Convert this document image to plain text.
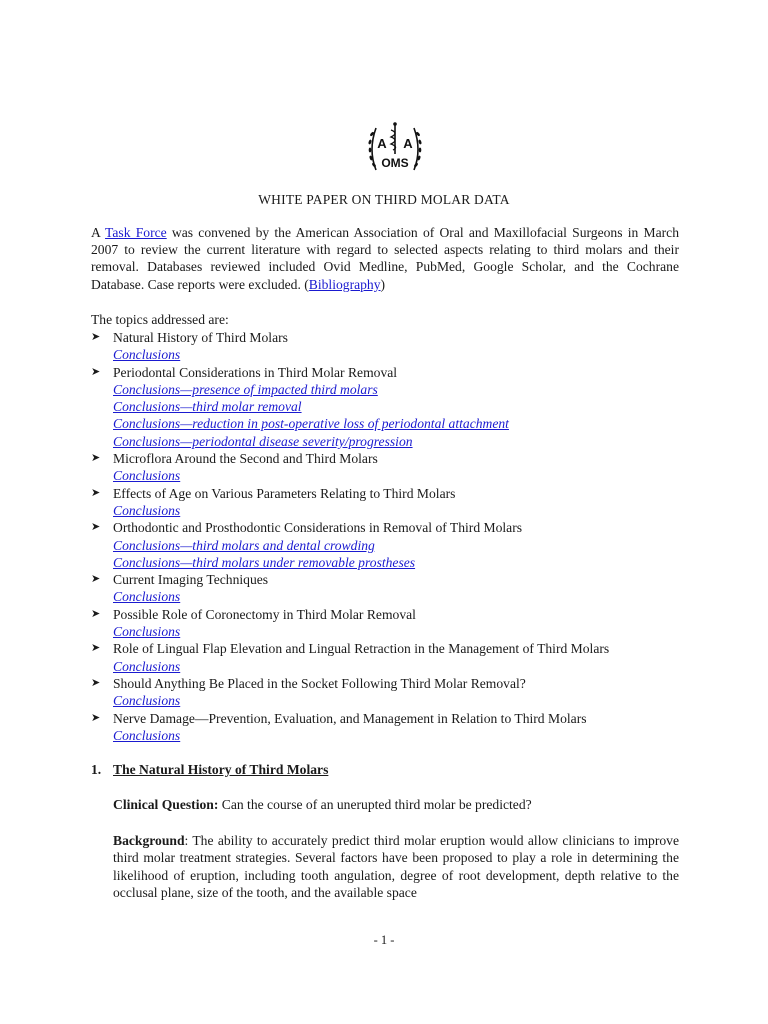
A A
OMS
WHITE PAPER ON THIRD MOLAR DATA
A Task Force was convened by the American Association of Oral and Maxillofacial Surgeons in March 2007 to review the current literature with regard to selected aspects relating to third molars and their removal. Databases reviewed included Ovid Medline, PubMed, Google Scholar, and the Cochrane Database. Case reports were excluded. (Bibliography)
The topics addressed are:
➤ Natural History of Third Molars
Conclusions
➤ Periodontal Considerations in Third Molar Removal
Conclusions—presence of impacted third molars
Conclusions—third molar removal
Conclusions—reduction in post-operative loss of periodontal attachment
Conclusions—periodontal disease severity/progression
➤ Microflora Around the Second and Third Molars
Conclusions
➤ Effects of Age on Various Parameters Relating to Third Molars
Conclusions
➤ Orthodontic and Prosthodontic Considerations in Removal of Third Molars
Conclusions—third molars and dental crowding
Conclusions—third molars under removable prostheses
➤ Current Imaging Techniques
Conclusions
➤ Possible Role of Coronectomy in Third Molar Removal
Conclusions
➤ Role of Lingual Flap Elevation and Lingual Retraction in the Management of Third Molars
Conclusions
➤ Should Anything Be Placed in the Socket Following Third Molar Removal?
Conclusions
➤ Nerve Damage—Prevention, Evaluation, and Management in Relation to Third Molars
Conclusions
1. The Natural History of Third Molars
Clinical Question: Can the course of an unerupted third molar be predicted?
Background: The ability to accurately predict third molar eruption would allow clinicians to improve third molar treatment strategies. Several factors have been proposed to play a role in determining the likelihood of eruption, including tooth angulation, degree of root development, depth relative to the occlusal plane, size of the tooth, and the available space
- 1 -
